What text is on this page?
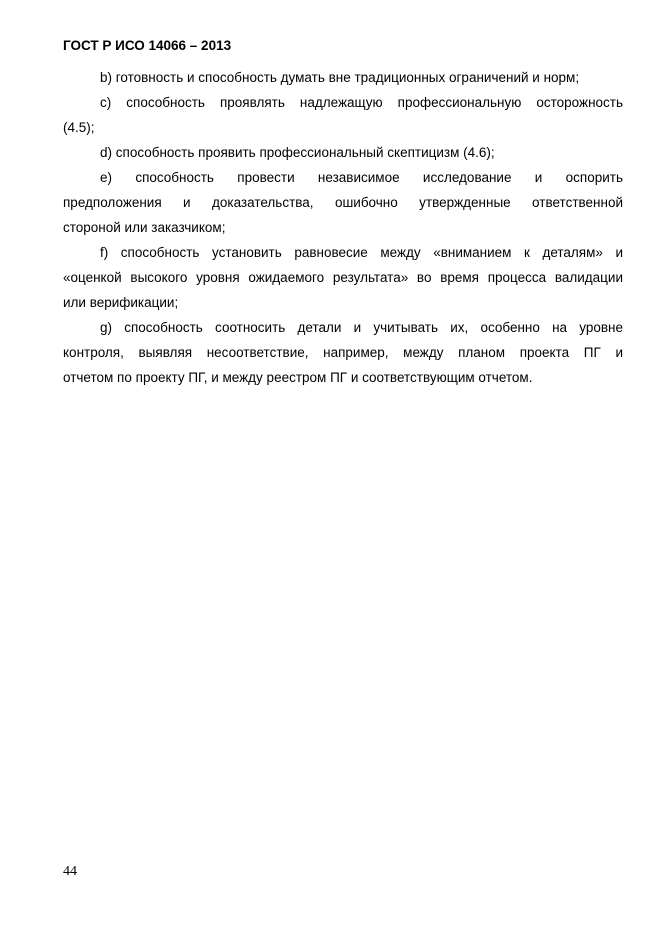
ГОСТ Р ИСО 14066 – 2013
b) готовность и способность думать вне традиционных ограничений и норм;
c) способность проявлять надлежащую профессиональную осторожность
(4.5);
d) способность проявить профессиональный скептицизм (4.6);
e) способность провести независимое исследование и оспорить
предположения и доказательства, ошибочно утвержденные ответственной
стороной или заказчиком;
f) способность установить равновесие между «вниманием к деталям» и
«оценкой высокого уровня ожидаемого результата» во время процесса валидации
или верификации;
g) способность соотносить детали и учитывать их, особенно на уровне
контроля, выявляя несоответствие, например, между планом проекта ПГ и
отчетом по проекту ПГ, и между реестром ПГ и соответствующим отчетом.
44
